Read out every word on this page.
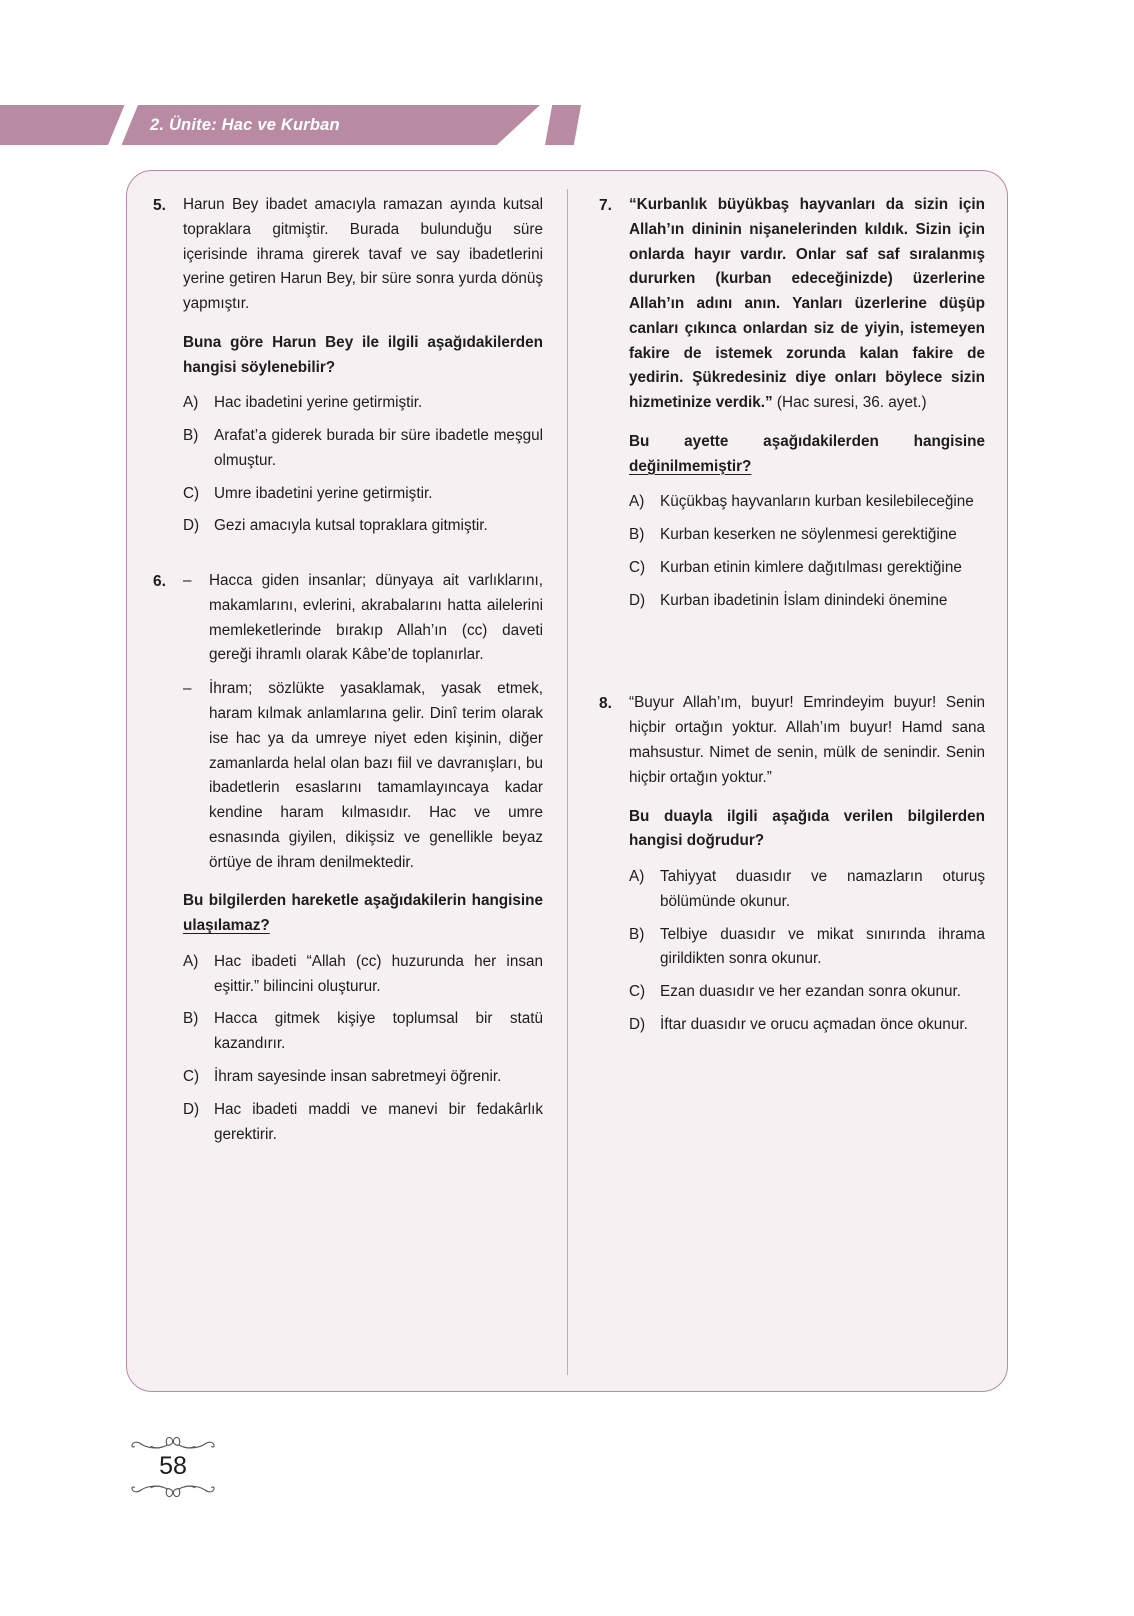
2. Ünite: Hac ve Kurban
5.	Harun Bey ibadet amacıyla ramazan ayında kutsal topraklara gitmiştir. Burada bulunduğu süre içerisinde ihrama girerek tavaf ve say ibadetlerini yerine getiren Harun Bey, bir süre sonra yurda dönüş yapmıştır.

Buna göre Harun Bey ile ilgili aşağıdakilerden hangisi söylenebilir?

A)	Hac ibadetini yerine getirmiştir.
B)	Arafat’a giderek burada bir süre ibadetle meşgul olmuştur.
C) Umre ibadetini yerine getirmiştir.
D) Gezi amacıyla kutsal topraklara gitmiştir.
6.	–	Hacca giden insanlar; dünyaya ait varlıklarını, makamlarını, evlerini, akrabalarını hatta ailelerini memleketlerinde bırakıp Allah’ın (cc) daveti gereği ihramlı olarak Kâbe’de toplanırlar.

–	İhram; sözlükte yasaklamak, yasak etmek, haram kılmak anlamlarına gelir. Dinî terim olarak ise hac ya da umreye niyet eden kişinin, diğer zamanlarda helal olan bazı fiil ve davranışları, bu ibadetlerin esaslarını tamamlayıncaya kadar kendine haram kılmasıdır. Hac ve umre esnasında giyilen, dikişsiz ve genellikle beyaz örtüye de ihram denilmektedir.

Bu bilgilerden hareketle aşağıdakilerin hangisine ulaşılamaz?

A)	Hac ibadeti “Allah (cc) huzurunda her insan eşittir.” bilincini oluşturur.
B)	Hacca gitmek kişiye toplumsal bir statü kazandırır.
C) İhram sayesinde insan sabretmeyi öğrenir.
D) Hac ibadeti maddi ve manevi bir fedakârlık gerektirir.
7.	“Kurbanlık büyükbaş hayvanları da sizin için Allah’ın dininin nişanelerinden kıldık. Sizin için onlarda hayır vardır. Onlar saf saf sıralanmış dururken (kurban edeceğinizde) üzerlerine Allah’ın adını anın. Yanları üzerlerine düşüp canları çıkınca onlardan siz de yiyin, istemeyen fakire de istemek zorunda kalan fakire de yedirin. Şükredesiniz diye onları böylece sizin hizmetinize verdik.” (Hac suresi, 36. ayet.)

Bu ayette aşağıdakilerden hangisine değinilmemiştir?

A)	Küçükbaş hayvanların kurban kesilebileceğine
B)	Kurban keserken ne söylenmesi gerektiğine
C) Kurban etinin kimlere dağıtılması gerektiğine
D) Kurban ibadetinin İslam dinindeki önemine
8.	“Buyur Allah’ım, buyur! Emrindeyim buyur! Senin hiçbir ortağın yoktur. Allah’ım buyur! Hamd sana mahsustur. Nimet de senin, mülk de senindir. Senin hiçbir ortağın yoktur.”

Bu duayla ilgili aşağıda verilen bilgilerden hangisi doğrudur?

A)	Tahiyyat duasıdır ve namazların oturuş bölümünde okunur.
B)	Telbiye duasıdır ve mikat sınırında ihrama girildikten sonra okunur.
C) Ezan duasıdır ve her ezandan sonra okunur.
D) İftar duasıdır ve orucu açmadan önce okunur.
58
